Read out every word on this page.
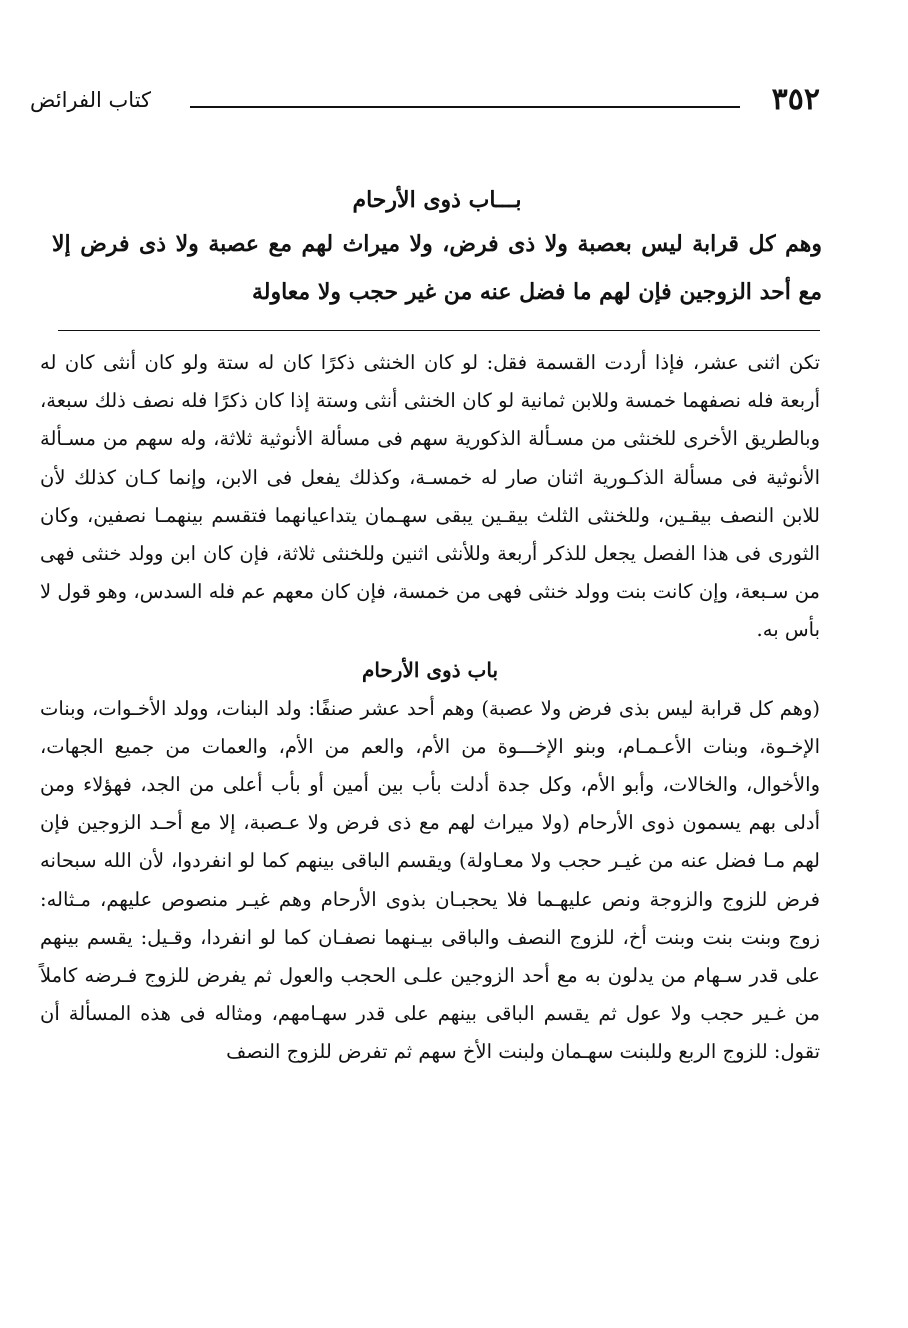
كتاب الفرائض	٣٥٢
بـــاب ذوى الأرحام
وهم كل قرابة ليس بعصبة ولا ذى فرض، ولا ميراث لهم مع عصبة ولا ذى فرض إلا مع أحد الزوجين فإن لهم ما فضل عنه من غير حجب ولا معاولة

تكن اثنى عشر، فإذا أردت القسمة فقل: لو كان الخنثى ذكرًا كان له ستة ولو كان أنثى كان له أربعة فله نصفهما خمسة وللابن ثمانية لو كان الخنثى أنثى وستة إذا كان ذكرًا فله نصف ذلك سبعة، وبالطريق الأخرى للخنثى من مسـألة الذكورية سهم فى مسألة الأنوثية ثلاثة، وله سهم من مسـألة الأنوثية فى مسألة الذكـورية اثنان صار له خمسـة، وكذلك يفعل فى الابن، وإنما كـان كذلك لأن للابن النصف بيقـين، وللخنثى الثلث بيقـين يبقى سهـمان يتداعيانهما فتقسم بينهمـا نصفين، وكان الثورى فى هذا الفصل يجعل للذكر أربعة وللأنثى اثنين وللخنثى ثلاثة، فإن كان ابن وولد خنثى فهى من سـبعة، وإن كانت بنت وولد خنثى فهى من خمسة، فإن كان معهم عم فله السدس، وهو قول لا بأس به.

باب ذوى الأرحام

(وهم كل قرابة ليس بذى فرض ولا عصبة) وهم أحد عشر صنفًا: ولد البنات، وولد الأخـوات، وبنات الإخـوة، وبنات الأعـمـام، وبنو الإخـــوة من الأم، والعم من الأم، والعمات من جميع الجهات، والأخوال، والخالات، وأبو الأم، وكل جدة أدلت بأب بين أمين أو بأب أعلى من الجد، فهؤلاء ومن أدلى بهم يسمون ذوى الأرحام (ولا ميراث لهم مع ذى فرض ولا عـصبة، إلا مع أحـد الزوجين فإن لهم مـا فضل عنه من غيـر حجب ولا معـاولة) ويقسم الباقى بينهم كما لو انفردوا، لأن الله سبحانه فرض للزوج والزوجة ونص عليهـما فلا يحجبـان بذوى الأرحام وهم غيـر منصوص عليهم، مـثاله: زوج وبنت بنت وبنت أخ، للزوج النصف والباقى بيـنهما نصفـان كما لو انفردا، وقـيل: يقسم بينهم على قدر سـهام من يدلون به مع أحد الزوجين علـى الحجب والعول ثم يفرض للزوج فـرضه كاملاً من غـير حجب ولا عول ثم يقسم الباقى بينهم على قدر سهـامهم، ومثاله فى هذه المسألة أن تقول: للزوج الربع وللبنت سهـمان ولبنت الأخ سهم ثم تفرض للزوج النصف
